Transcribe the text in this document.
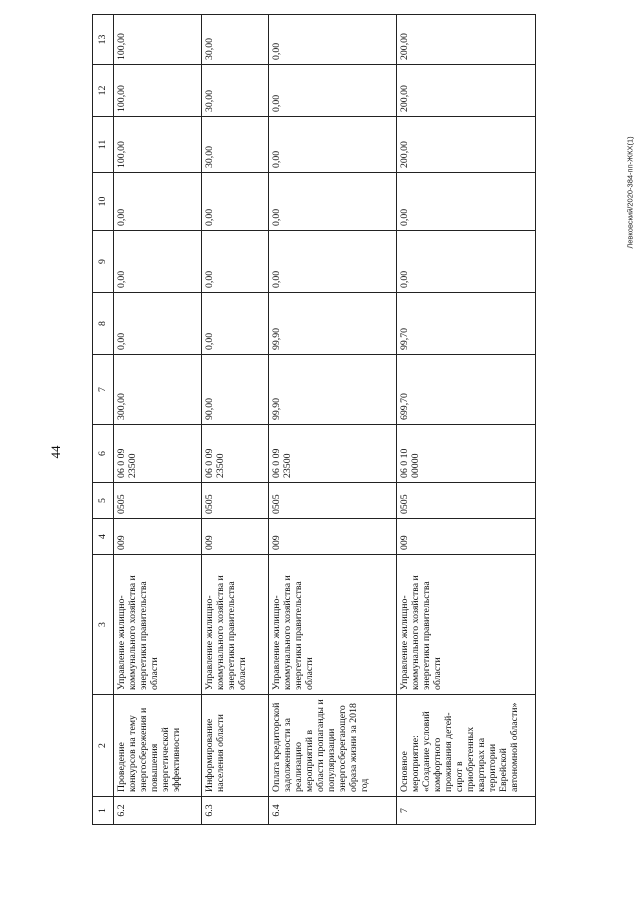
44
Левковский/2020-384-пп-ЖКХ(1)
1	2	3	4	5	6	7	8	9	10	11	12	13
6.2	Проведение конкурсов на тему энергосбережения и повышения энергетической эффективности	Управление жилищно-коммунального хозяйства и энергетики правительства области	009	0505	06 0 09 23500	300,00	0,00	0,00	0,00	100,00	100,00	100,00
6.3	Информирование населения области	Управление жилищно-коммунального хозяйства и энергетики правительства области	009	0505	06 0 09 23500	90,00	0,00	0,00	0,00	30,00	30,00	30,00
6.4	Оплата кредиторской задолженности за реализацию мероприятий в области пропаганды и популяризации энергосберегающего образа жизни за 2018 год	Управление жилищно-коммунального хозяйства и энергетики правительства области	009	0505	06 0 09 23500	99,90	99,90	0,00	0,00	0,00	0,00	0,00
7	Основное мероприятие: «Создание условий комфортного проживания детей-сирот в приобретенных квартирах на территории Еврейской автономной области»	Управление жилищно-коммунального хозяйства и энергетики правительства области	009	0505	06 0 10 00000	699,70	99,70	0,00	0,00	200,00	200,00	200,00
